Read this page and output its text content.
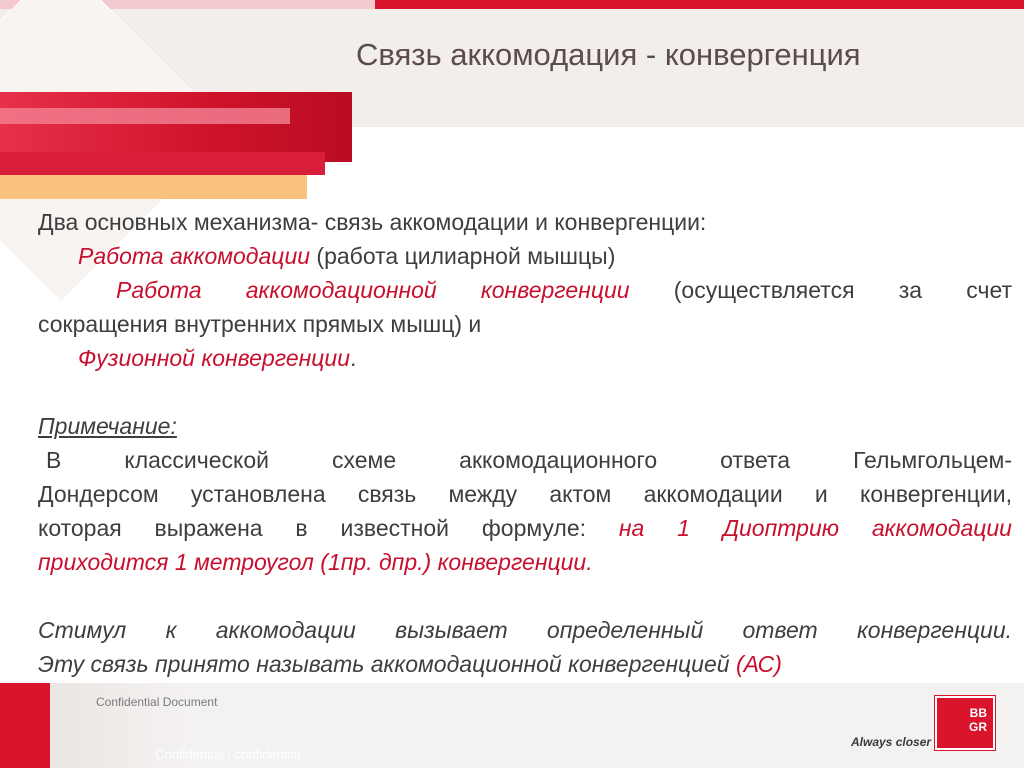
Связь аккомодация - конвергенция

Два основных механизма- связь аккомодации и конвергенции:

Работа аккомодации (работа цилиарной мышцы)

Работа аккомодационной конвергенции (осуществляется за счет

сокращения внутренних прямых мышц) и

Фузионной конвергенции.

Примечание:

В классической схеме аккомодационного ответа Гельмгольцем-

Дондерсом установлена связь между актом аккомодации и конвергенции,

которая выражена в известной формуле: на 1 Диоптрию аккомодации

приходится 1 метроугол (1пр. дпр.) конвергенции.

Стимул к аккомодации вызывает определенный ответ конвергенции.

Эту связь принято называть аккомодационной конвергенцией (АС)

Confidential Document
Confidential / confidential
Always closer
BB
GR
